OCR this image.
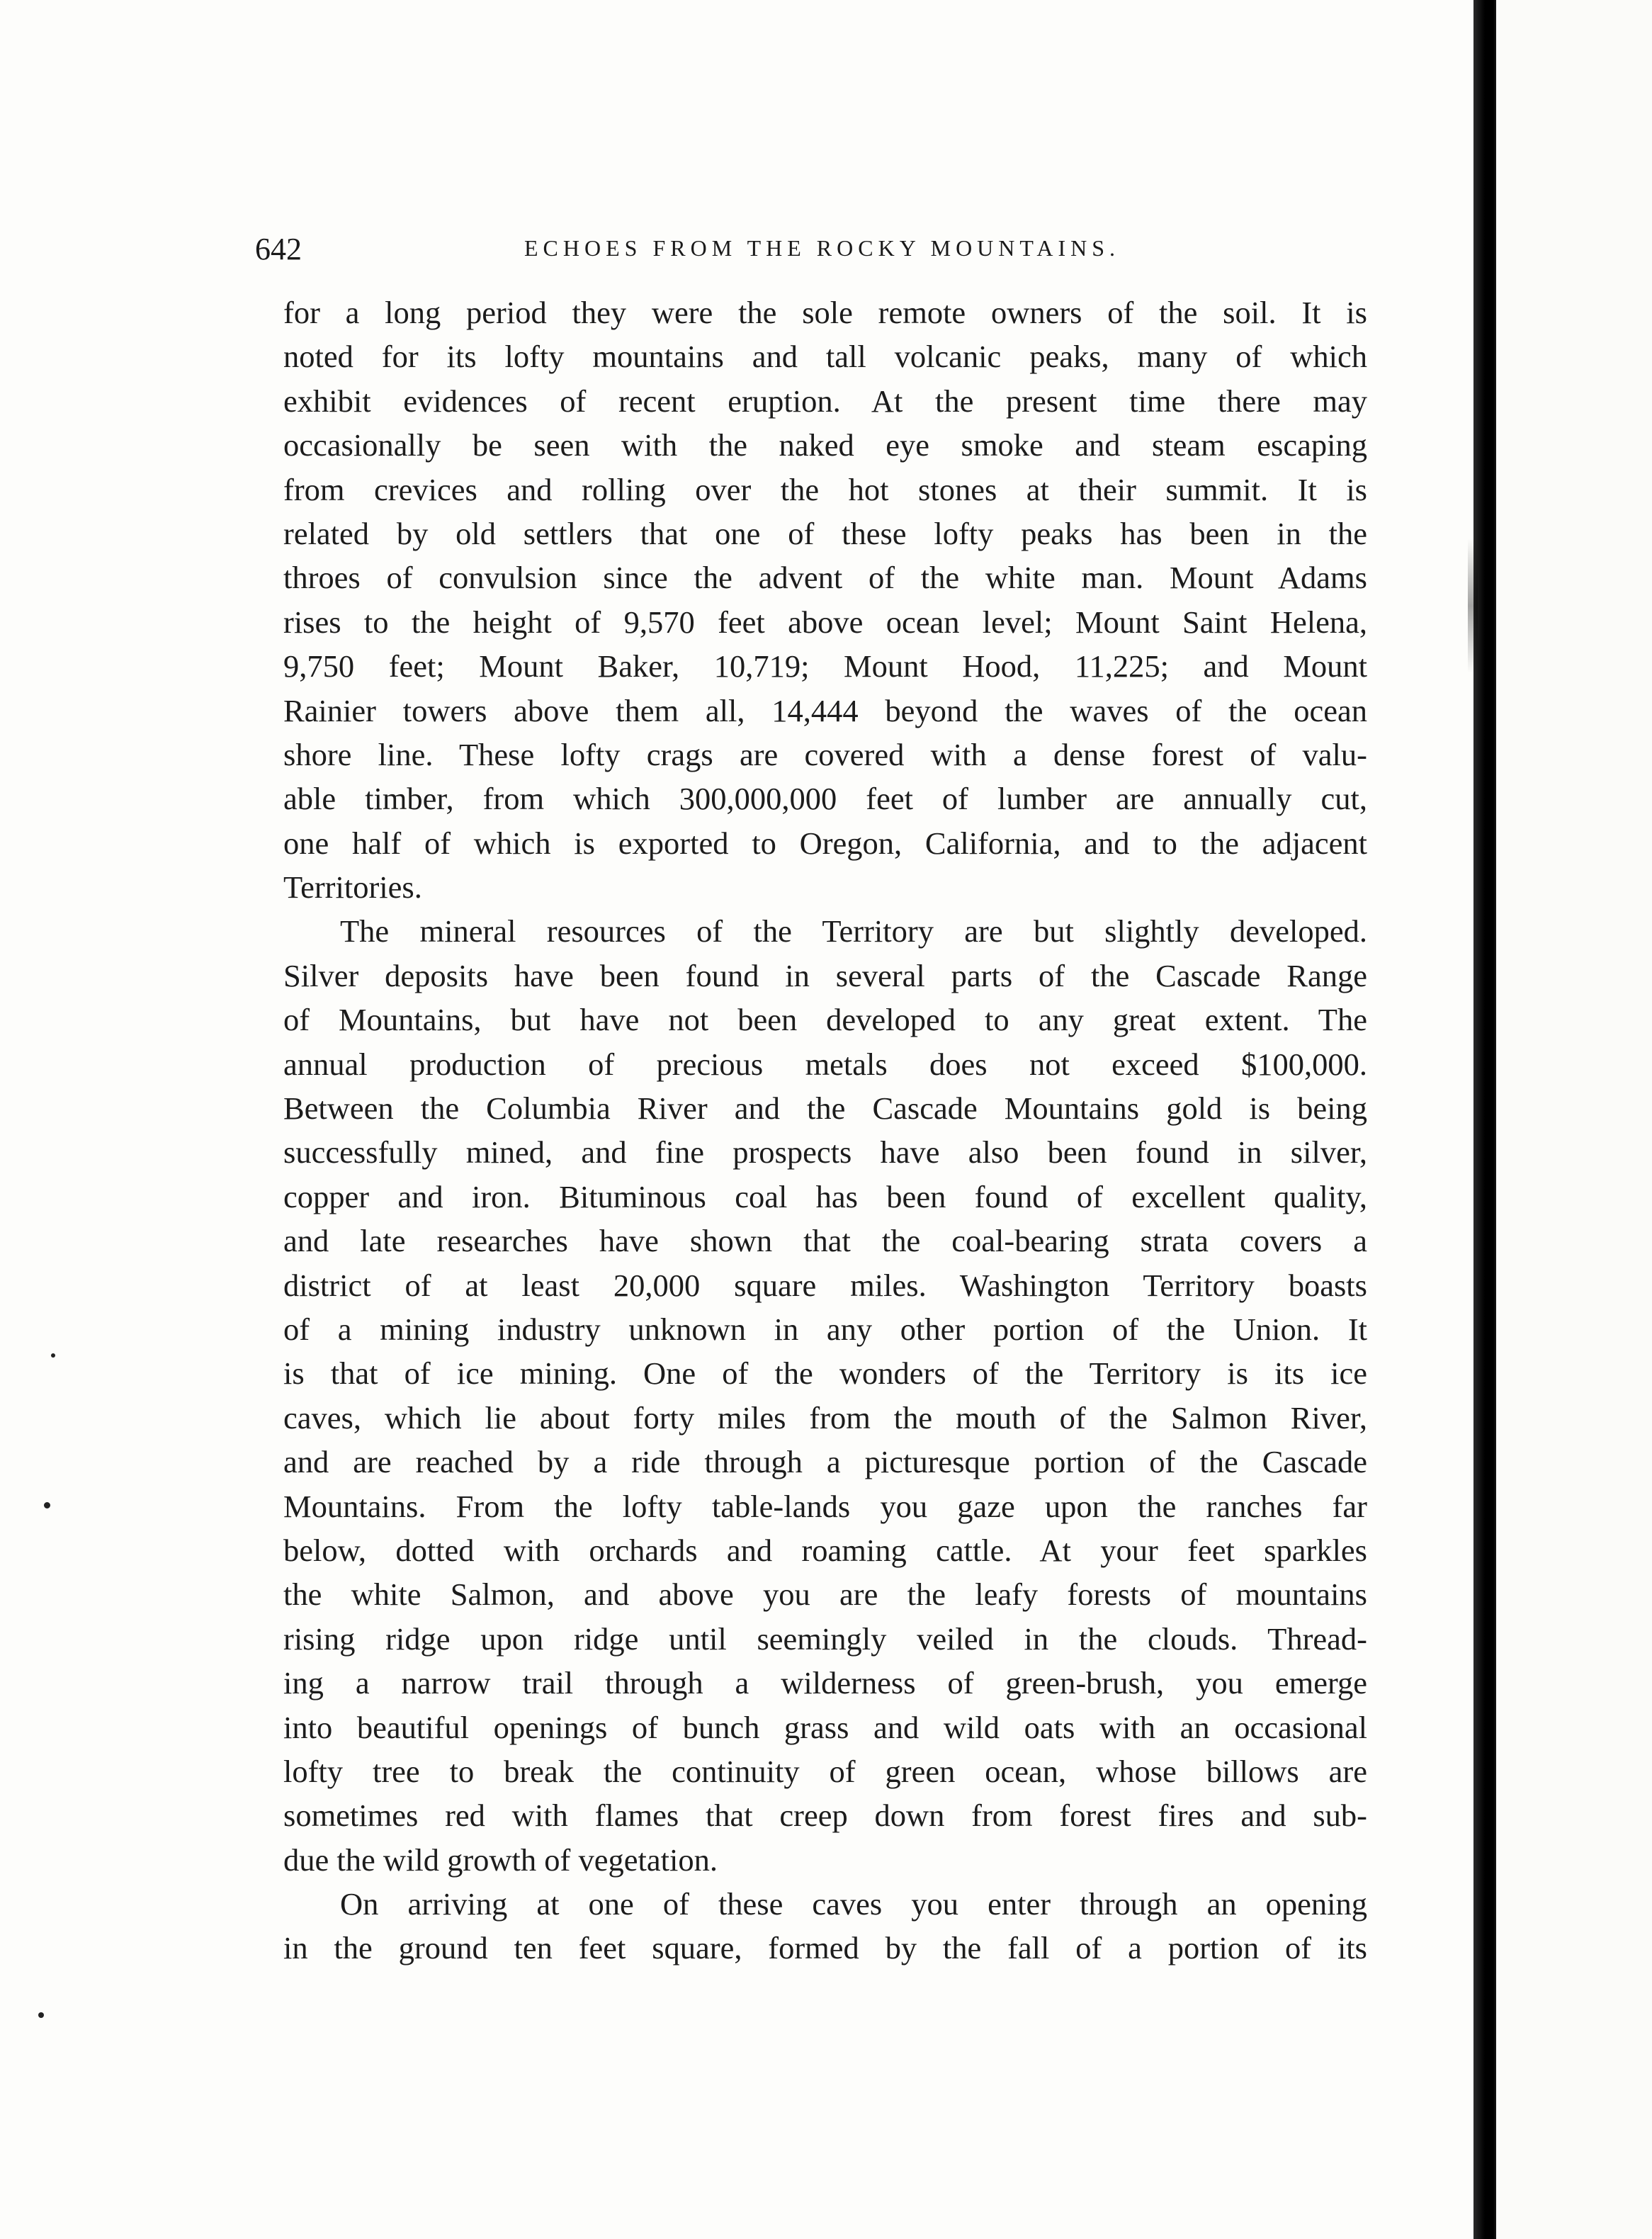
642	ECHOES FROM THE ROCKY MOUNTAINS.
for a long period they were the sole remote owners of the soil. It is
noted for its lofty mountains and tall volcanic peaks, many of which
exhibit evidences of recent eruption. At the present time there may
occasionally be seen with the naked eye smoke and steam escaping
from crevices and rolling over the hot stones at their summit. It is
related by old settlers that one of these lofty peaks has been in the
throes of convulsion since the advent of the white man. Mount Adams
rises to the height of 9,570 feet above ocean level; Mount Saint Helena,
9,750 feet; Mount Baker, 10,719; Mount Hood, 11,225; and Mount
Rainier towers above them all, 14,444 beyond the waves of the ocean
shore line. These lofty crags are covered with a dense forest of valu-
able timber, from which 300,000,000 feet of lumber are annually cut,
one half of which is exported to Oregon, California, and to the adjacent
Territories.
The mineral resources of the Territory are but slightly developed.
Silver deposits have been found in several parts of the Cascade Range
of Mountains, but have not been developed to any great extent. The
annual production of precious metals does not exceed $100,000.
Between the Columbia River and the Cascade Mountains gold is being
successfully mined, and fine prospects have also been found in silver,
copper and iron. Bituminous coal has been found of excellent quality,
and late researches have shown that the coal-bearing strata covers a
district of at least 20,000 square miles. Washington Territory boasts
of a mining industry unknown in any other portion of the Union. It
is that of ice mining. One of the wonders of the Territory is its ice
caves, which lie about forty miles from the mouth of the Salmon River,
and are reached by a ride through a picturesque portion of the Cascade
Mountains. From the lofty table-lands you gaze upon the ranches far
below, dotted with orchards and roaming cattle. At your feet sparkles
the white Salmon, and above you are the leafy forests of mountains
rising ridge upon ridge until seemingly veiled in the clouds. Thread-
ing a narrow trail through a wilderness of green-brush, you emerge
into beautiful openings of bunch grass and wild oats with an occasional
lofty tree to break the continuity of green ocean, whose billows are
sometimes red with flames that creep down from forest fires and sub-
due the wild growth of vegetation.
On arriving at one of these caves you enter through an opening
in the ground ten feet square, formed by the fall of a portion of its
